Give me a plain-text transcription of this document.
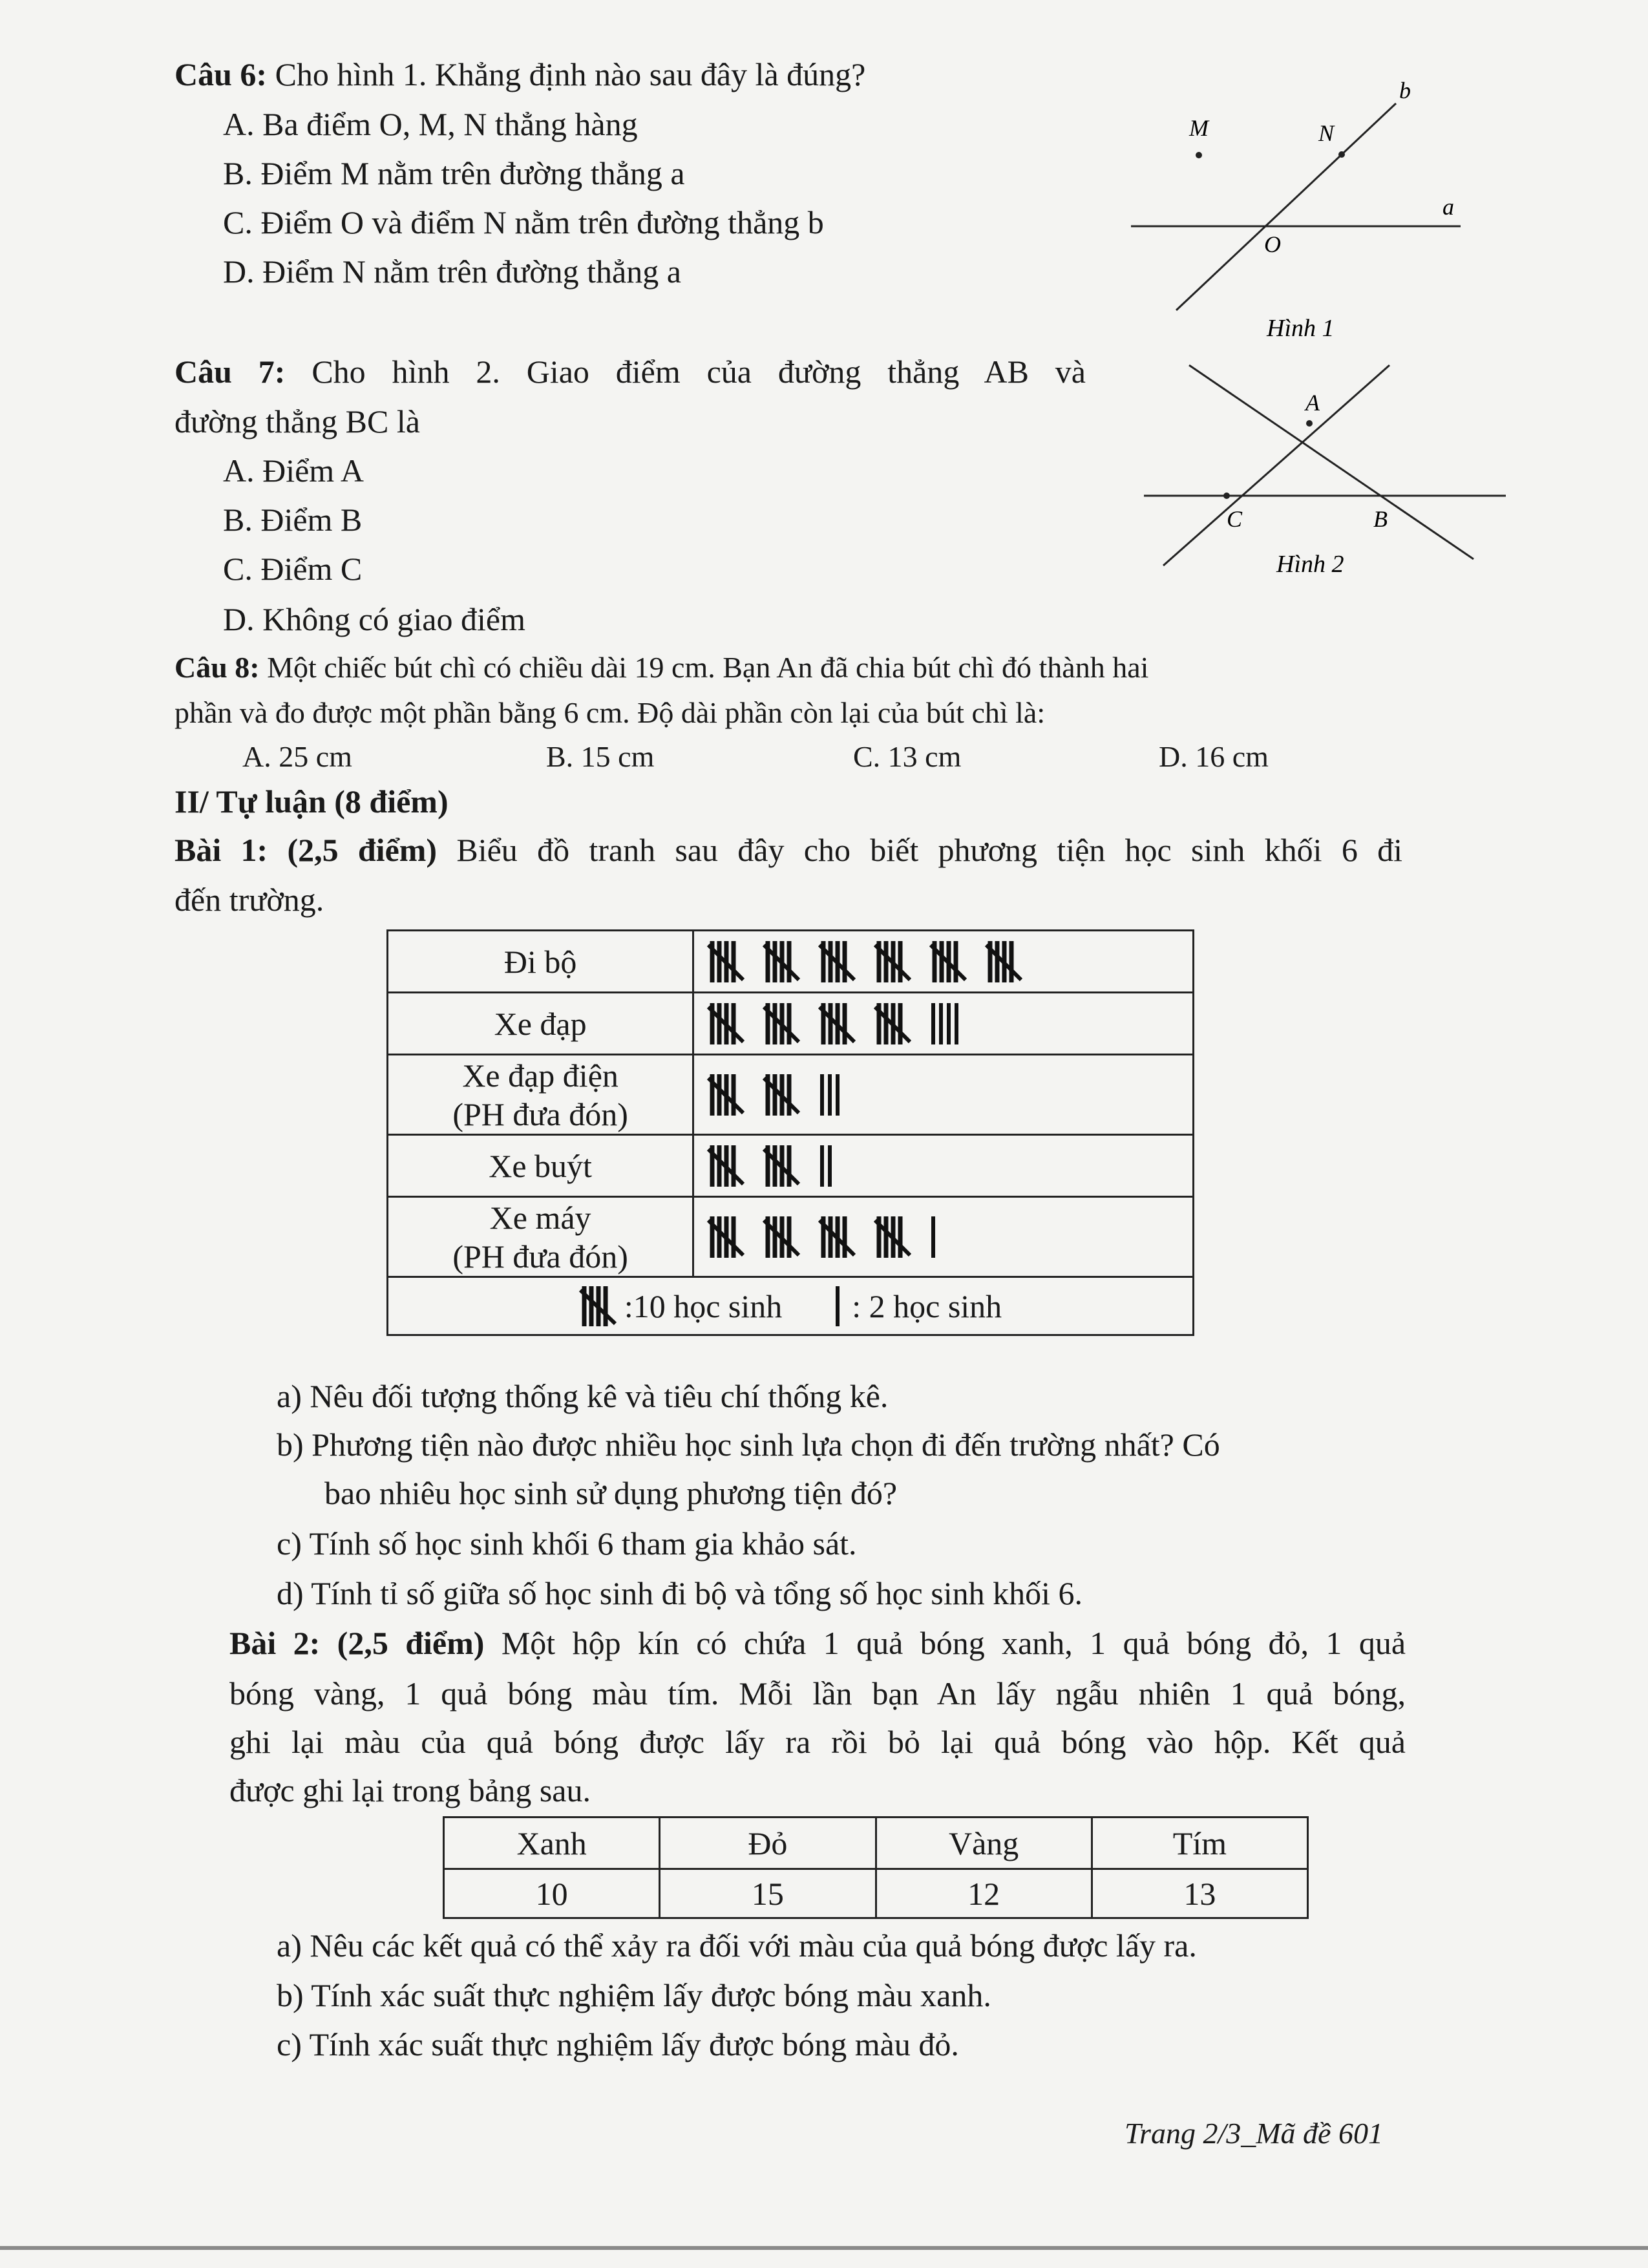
Câu 6: Cho hình 1. Khẳng định nào sau đây là đúng?
A. Ba điểm O, M, N thẳng hàng
B. Điểm M nằm trên đường thẳng a
C. Điểm O và điểm N nằm trên đường thẳng b
D. Điểm N nằm trên đường thẳng a
M	N
b
a
O
Hình 1
Câu 7: Cho hình 2. Giao điểm của đường thẳng AB và
đường thẳng BC là
A. Điểm A
B. Điểm B
C. Điểm C
D. Không có giao điểm
A
C	B
Hình 2
Câu 8: Một chiếc bút chì có chiều dài 19 cm. Bạn An đã chia bút chì đó thành hai
phần và đo được một phần bằng 6 cm. Độ dài phần còn lại của bút chì là:
A. 25 cm	B. 15 cm	C. 13 cm	D. 16 cm
II/ Tự luận (8 điểm)
Bài 1: (2,5 điểm) Biểu đồ tranh sau đây cho biết phương tiện học sinh khối 6 đi
đến trường.
Đi bộ

Xe đạp

Xe đạp điện
(PH đưa đón)

Xe buýt

Xe máy
(PH đưa đón)

:10 học sinh : 2 học sinh	
a) Nêu đối tượng thống kê và tiêu chí thống kê.
b) Phương tiện nào được nhiều học sinh lựa chọn đi đến trường nhất? Có
bao nhiêu học sinh sử dụng phương tiện đó?
c) Tính số học sinh khối 6 tham gia khảo sát.
d) Tính tỉ số giữa số học sinh đi bộ và tổng số học sinh khối 6.
Bài 2: (2,5 điểm) Một hộp kín có chứa 1 quả bóng xanh, 1 quả bóng đỏ, 1 quả
bóng vàng, 1 quả bóng màu tím. Mỗi lần bạn An lấy ngẫu nhiên 1 quả bóng,
ghi lại màu của quả bóng được lấy ra rồi bỏ lại quả bóng vào hộp. Kết quả
được ghi lại trong bảng sau.
Xanh	Đỏ	Vàng	Tím
10	15	12	13
a) Nêu các kết quả có thể xảy ra đối với màu của quả bóng được lấy ra.
b) Tính xác suất thực nghiệm lấy được bóng màu xanh.
c) Tính xác suất thực nghiệm lấy được bóng màu đỏ.
Trang 2/3_Mã đề 601
